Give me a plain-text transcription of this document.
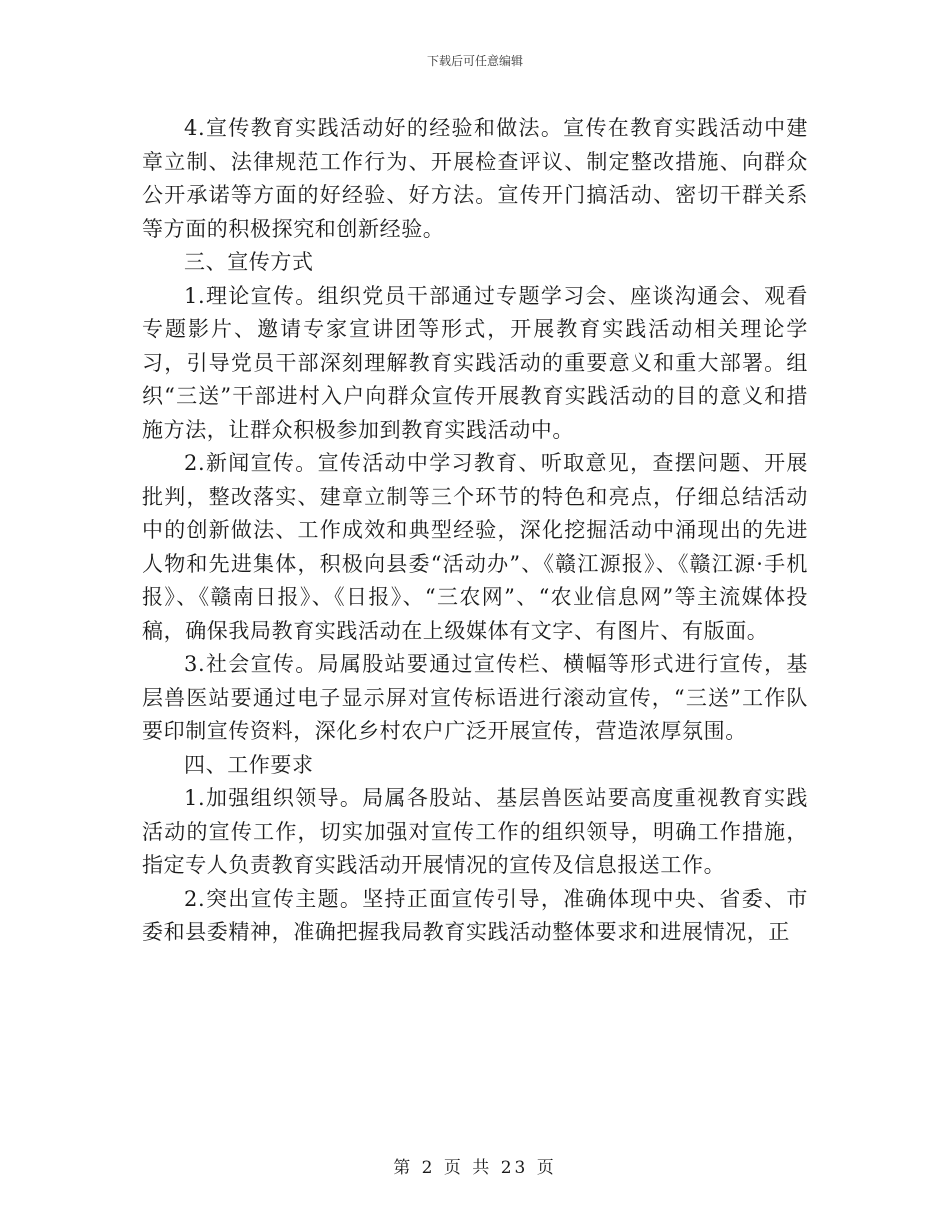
下载后可任意编辑

4.宣传教育实践活动好的经验和做法。宣传在教育实践活动中建章立制、法律规范工作行为、开展检查评议、制定整改措施、向群众公开承诺等方面的好经验、好方法。宣传开门搞活动、密切干群关系等方面的积极探究和创新经验。

三、宣传方式

1.理论宣传。组织党员干部通过专题学习会、座谈沟通会、观看专题影片、邀请专家宣讲团等形式，开展教育实践活动相关理论学习，引导党员干部深刻理解教育实践活动的重要意义和重大部署。组织“三送”干部进村入户向群众宣传开展教育实践活动的目的意义和措施方法，让群众积极参加到教育实践活动中。

2.新闻宣传。宣传活动中学习教育、听取意见，查摆问题、开展批判，整改落实、建章立制等三个环节的特色和亮点，仔细总结活动中的创新做法、工作成效和典型经验，深化挖掘活动中涌现出的先进人物和先进集体，积极向县委“活动办”、《赣江源报》、《赣江源·手机报》、《赣南日报》、《日报》、“三农网”、“农业信息网”等主流媒体投稿，确保我局教育实践活动在上级媒体有文字、有图片、有版面。

3.社会宣传。局属股站要通过宣传栏、横幅等形式进行宣传，基层兽医站要通过电子显示屏对宣传标语进行滚动宣传，“三送”工作队要印制宣传资料，深化乡村农户广泛开展宣传，营造浓厚氛围。

四、工作要求

1.加强组织领导。局属各股站、基层兽医站要高度重视教育实践活动的宣传工作，切实加强对宣传工作的组织领导，明确工作措施，指定专人负责教育实践活动开展情况的宣传及信息报送工作。

2.突出宣传主题。坚持正面宣传引导，准确体现中央、省委、市委和县委精神，准确把握我局教育实践活动整体要求和进展情况，正

第 2 页 共 23 页
